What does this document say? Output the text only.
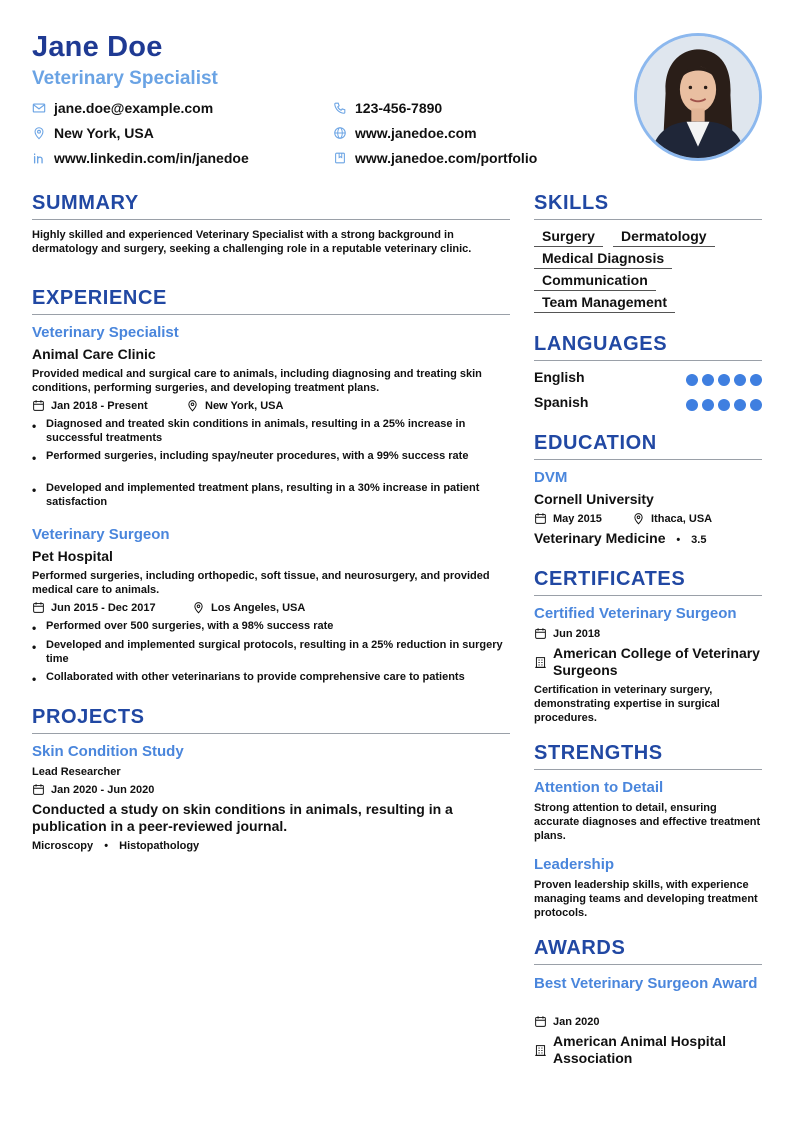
Jane Doe
Veterinary Specialist
jane.doe@example.com	123-456-7890
New York, USA	www.janedoe.com
www.linkedin.com/in/janedoe	www.janedoe.com/portfolio
SUMMARY
Highly skilled and experienced Veterinary Specialist with a strong background in dermatology and surgery, seeking a challenging role in a reputable veterinary clinic.
EXPERIENCE
Veterinary Specialist
Animal Care Clinic
Provided medical and surgical care to animals, including diagnosing and treating skin conditions, performing surgeries, and developing treatment plans.
Jan 2018 - Present	New York, USA
• Diagnosed and treated skin conditions in animals, resulting in a 25% increase in successful treatments
• Performed surgeries, including spay/neuter procedures, with a 99% success rate
• Developed and implemented treatment plans, resulting in a 30% increase in patient satisfaction
Veterinary Surgeon
Pet Hospital
Performed surgeries, including orthopedic, soft tissue, and neurosurgery, and provided medical care to animals.
Jun 2015 - Dec 2017	Los Angeles, USA
• Performed over 500 surgeries, with a 98% success rate
• Developed and implemented surgical protocols, resulting in a 25% reduction in surgery time
• Collaborated with other veterinarians to provide comprehensive care to patients
PROJECTS
Skin Condition Study
Lead Researcher
Jan 2020 - Jun 2020
Conducted a study on skin conditions in animals, resulting in a publication in a peer-reviewed journal.
Microscopy • Histopathology
SKILLS
Surgery	Dermatology
Medical Diagnosis
Communication
Team Management
LANGUAGES
English
Spanish
EDUCATION
DVM
Cornell University
May 2015	Ithaca, USA
Veterinary Medicine • 3.5
CERTIFICATES
Certified Veterinary Surgeon
Jun 2018
American College of Veterinary Surgeons
Certification in veterinary surgery, demonstrating expertise in surgical procedures.
STRENGTHS
Attention to Detail
Strong attention to detail, ensuring accurate diagnoses and effective treatment plans.
Leadership
Proven leadership skills, with experience managing teams and developing treatment protocols.
AWARDS
Best Veterinary Surgeon Award
Jan 2020
American Animal Hospital Association
